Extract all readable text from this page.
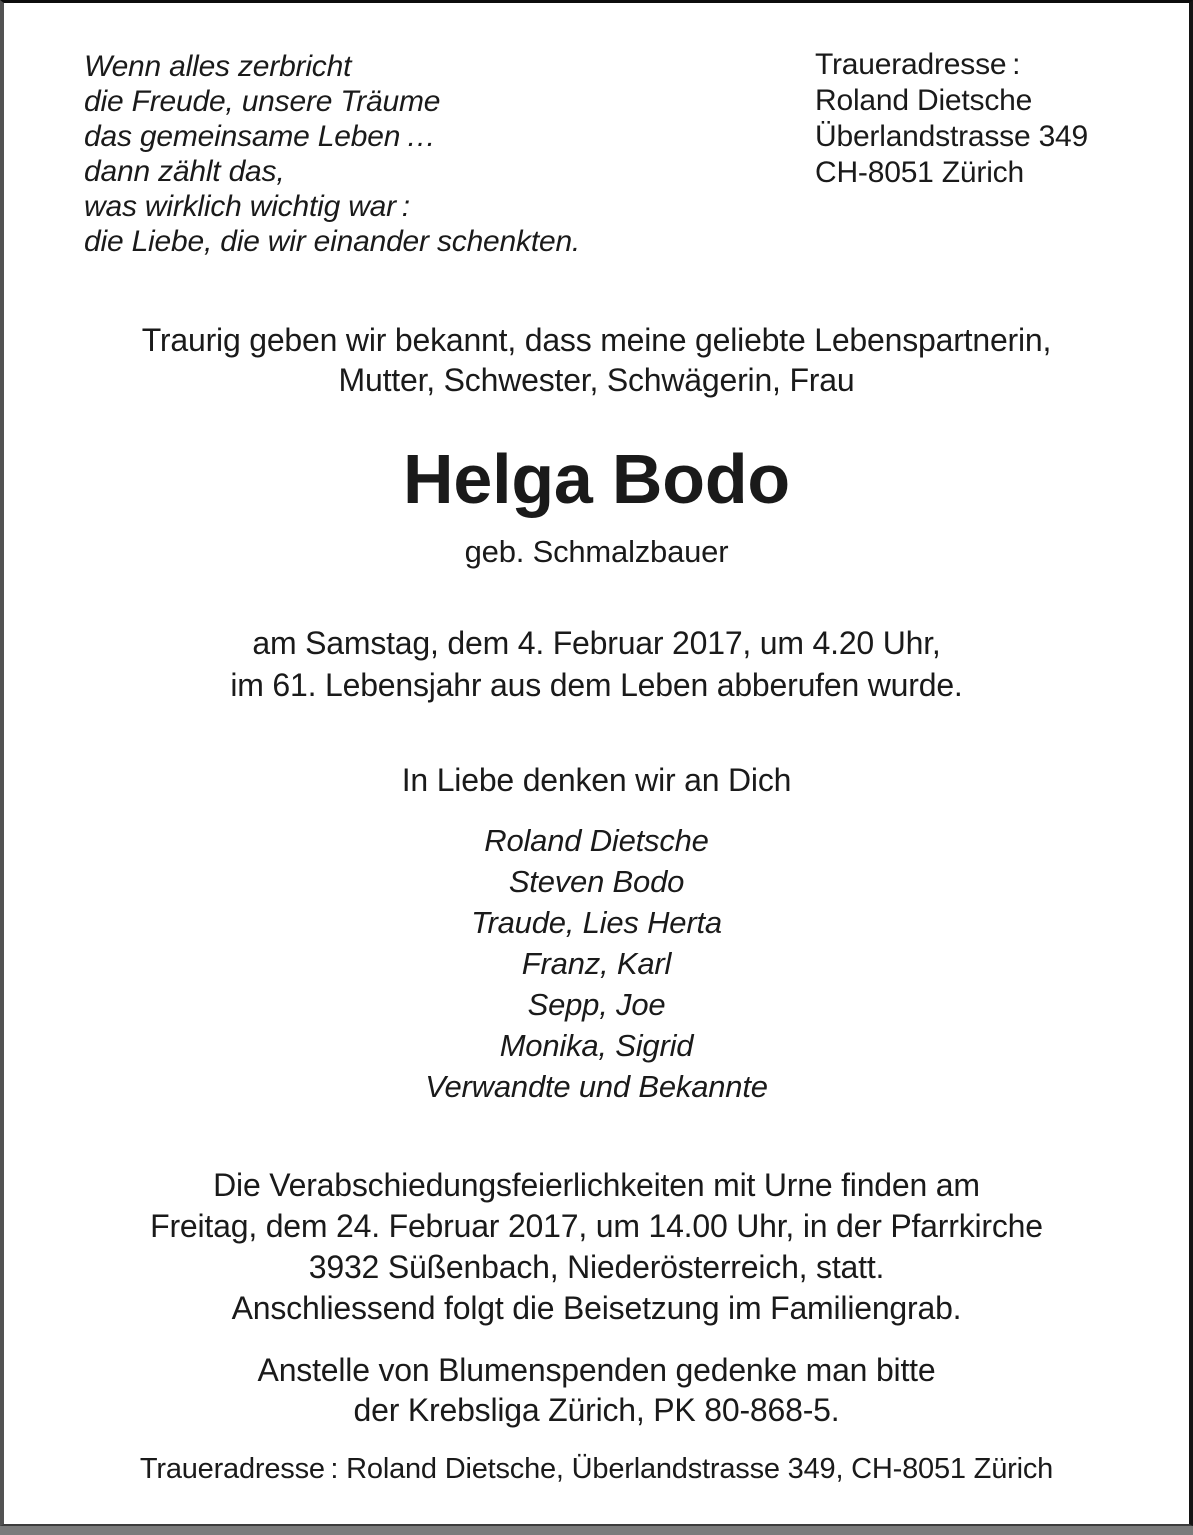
Wenn alles zerbricht
die Freude, unsere Träume
das gemeinsame Leben …
dann zählt das,
was wirklich wichtig war :
die Liebe, die wir einander schenkten.
Traueradresse :
Roland Dietsche
Überlandstrasse 349
CH-8051 Zürich
Traurig geben wir bekannt, dass meine geliebte Lebenspartnerin,
Mutter, Schwester, Schwägerin, Frau
Helga Bodo
geb. Schmalzbauer
am Samstag, dem 4. Februar 2017, um 4.20 Uhr,
im 61. Lebensjahr aus dem Leben abberufen wurde.
In Liebe denken wir an Dich
Roland Dietsche
Steven Bodo
Traude, Lies Herta
Franz, Karl
Sepp, Joe
Monika, Sigrid
Verwandte und Bekannte
Die Verabschiedungsfeierlichkeiten mit Urne finden am
Freitag, dem 24. Februar 2017, um 14.00 Uhr, in der Pfarrkirche
3932 Süßenbach, Niederösterreich, statt.
Anschliessend folgt die Beisetzung im Familiengrab.
Anstelle von Blumenspenden gedenke man bitte
der Krebsliga Zürich, PK 80-868-5.
Traueradresse : Roland Dietsche, Überlandstrasse 349, CH-8051 Zürich
